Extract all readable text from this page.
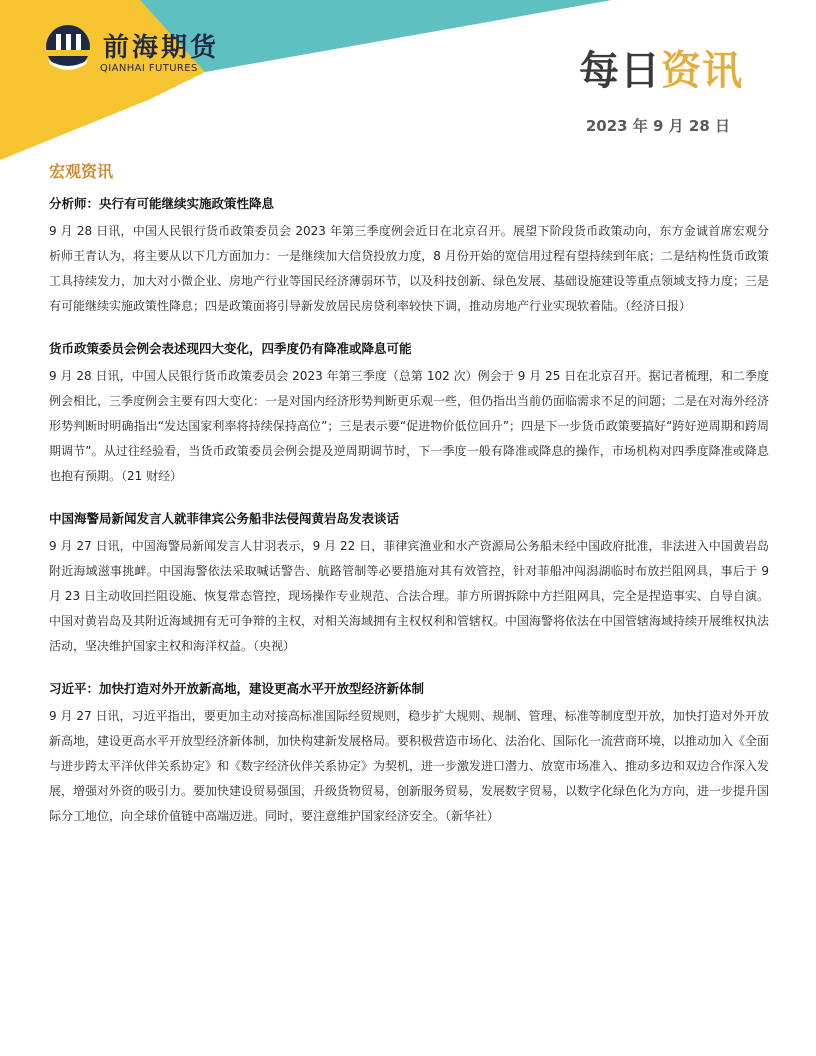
前海期货
QIANHAI FUTURES	每日资讯
2023 年 9 月 28 日
宏观资讯
分析师：央行有可能继续实施政策性降息

9 月 28 日讯，中国人民银行货币政策委员会 2023 年第三季度例会近日在北京召开。展望下阶段货币政策动向，东方金诚首席宏观分析师王青认为，将主要从以下几方面加力：一是继续加大信贷投放力度，8 月份开始的宽信用过程有望持续到年底；二是结构性货币政策工具持续发力，加大对小微企业、房地产行业等国民经济薄弱环节，以及科技创新、绿色发展、基础设施建设等重点领域支持力度；三是有可能继续实施政策性降息；四是政策面将引导新发放居民房贷利率较快下调，推动房地产行业实现软着陆。（经济日报）

货币政策委员会例会表述现四大变化，四季度仍有降准或降息可能

9 月 28 日讯，中国人民银行货币政策委员会 2023 年第三季度（总第 102 次）例会于 9 月 25 日在北京召开。据记者梳理，和二季度例会相比，三季度例会主要有四大变化：一是对国内经济形势判断更乐观一些，但仍指出当前仍面临需求不足的问题；二是在对海外经济形势判断时明确指出“发达国家利率将持续保持高位”；三是表示要“促进物价低位回升”；四是下一步货币政策要搞好“跨好逆周期和跨周期调节”。从过往经验看，当货币政策委员会例会提及逆周期调节时，下一季度一般有降准或降息的操作，市场机构对四季度降准或降息也抱有预期。（21 财经）

中国海警局新闻发言人就菲律宾公务船非法侵闯黄岩岛发表谈话

9 月 27 日讯，中国海警局新闻发言人甘羽表示，9 月 22 日，菲律宾渔业和水产资源局公务船未经中国政府批准，非法进入中国黄岩岛附近海域滋事挑衅。中国海警依法采取喊话警告、航路管制等必要措施对其有效管控，针对菲船冲闯潟湖临时布放拦阻网具，事后于 9 月 23 日主动收回拦阻设施、恢复常态管控，现场操作专业规范、合法合理。菲方所谓拆除中方拦阻网具，完全是捏造事实、自导自演。中国对黄岩岛及其附近海域拥有无可争辩的主权，对相关海域拥有主权权利和管辖权。中国海警将依法在中国管辖海域持续开展维权执法活动，坚决维护国家主权和海洋权益。（央视）

习近平：加快打造对外开放新高地，建设更高水平开放型经济新体制

9 月 27 日讯，习近平指出，要更加主动对接高标准国际经贸规则，稳步扩大规则、规制、管理、标准等制度型开放，加快打造对外开放新高地，建设更高水平开放型经济新体制，加快构建新发展格局。要积极营造市场化、法治化、国际化一流营商环境，以推动加入《全面与进步跨太平洋伙伴关系协定》和《数字经济伙伴关系协定》为契机，进一步激发进口潜力、放宽市场准入、推动多边和双边合作深入发展，增强对外资的吸引力。要加快建设贸易强国，升级货物贸易，创新服务贸易，发展数字贸易，以数字化绿色化为方向，进一步提升国际分工地位，向全球价值链中高端迈进。同时，要注意维护国家经济安全。（新华社）
